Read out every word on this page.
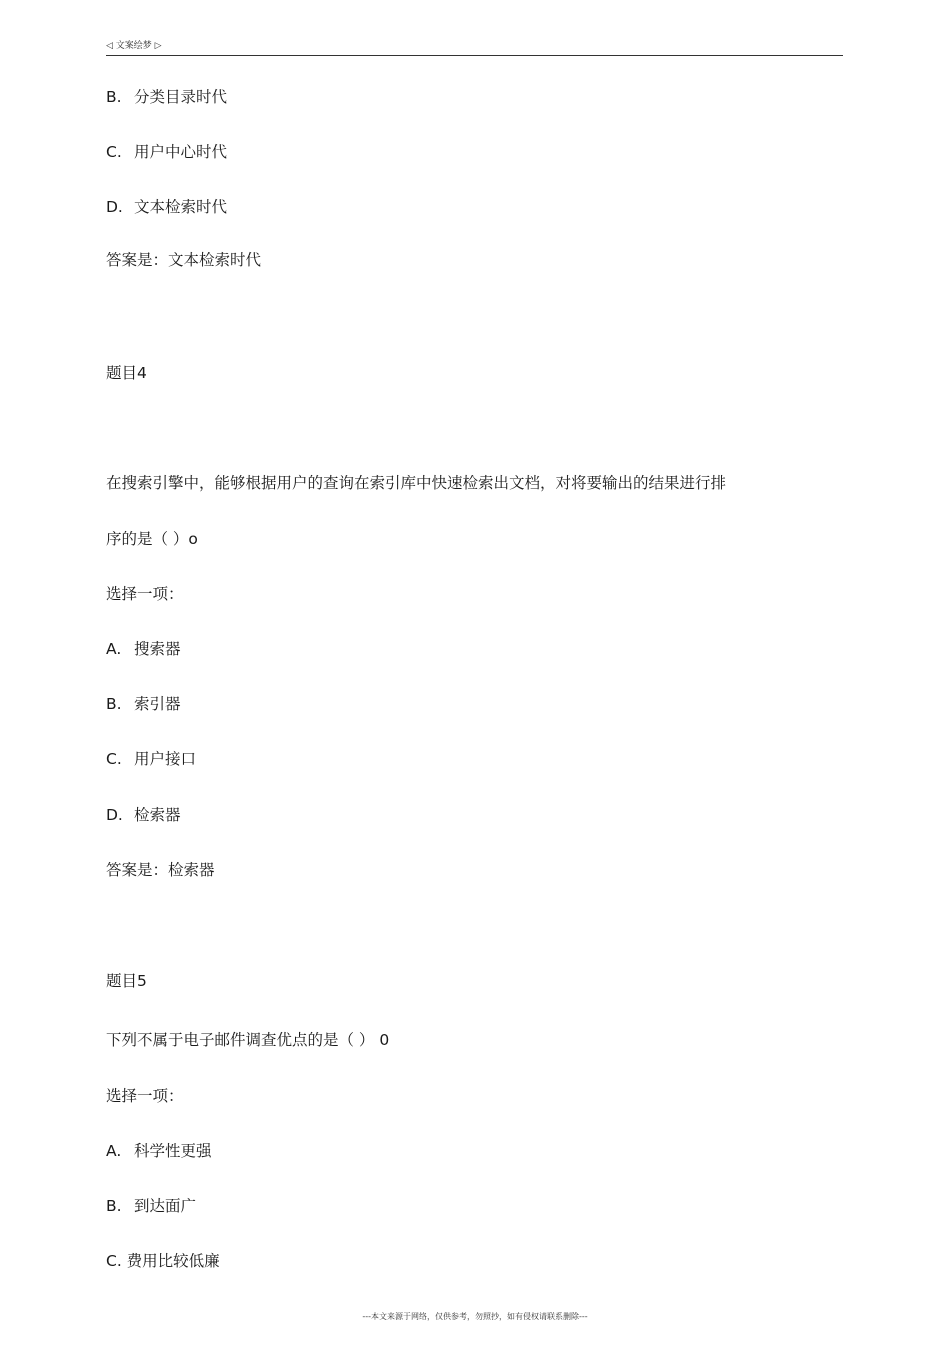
◁ 文案绘梦 ▷
B. 分类目录时代
C. 用户中心时代
D. 文本检索时代
答案是：文本检索时代
题目4
在搜索引擎中，能够根据用户的查询在索引库中快速检索出文档，对将要输出的结果进行排
序的是（ ）o
选择一项：
A. 搜索器
B. 索引器
C. 用户接口
D. 检索器
答案是：检索器
题目5
下列不属于电子邮件调查优点的是（ ） 0
选择一项：
A. 科学性更强
B. 到达面广
C. 费用比较低廉
---本文来源于网络，仅供参考，勿照抄，如有侵权请联系删除---
